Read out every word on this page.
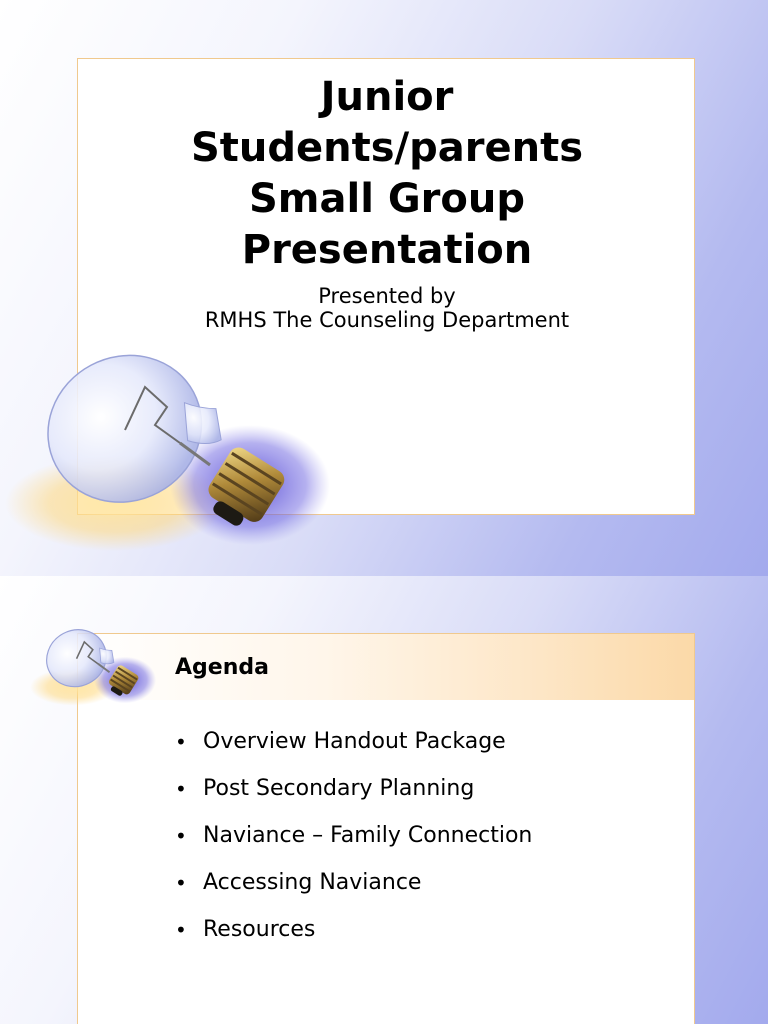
Junior
Students/parents
Small Group
Presentation
Presented by
RMHS The Counseling Department
Agenda
• Overview Handout Package
• Post Secondary Planning
• Naviance – Family Connection
• Accessing Naviance
• Resources
